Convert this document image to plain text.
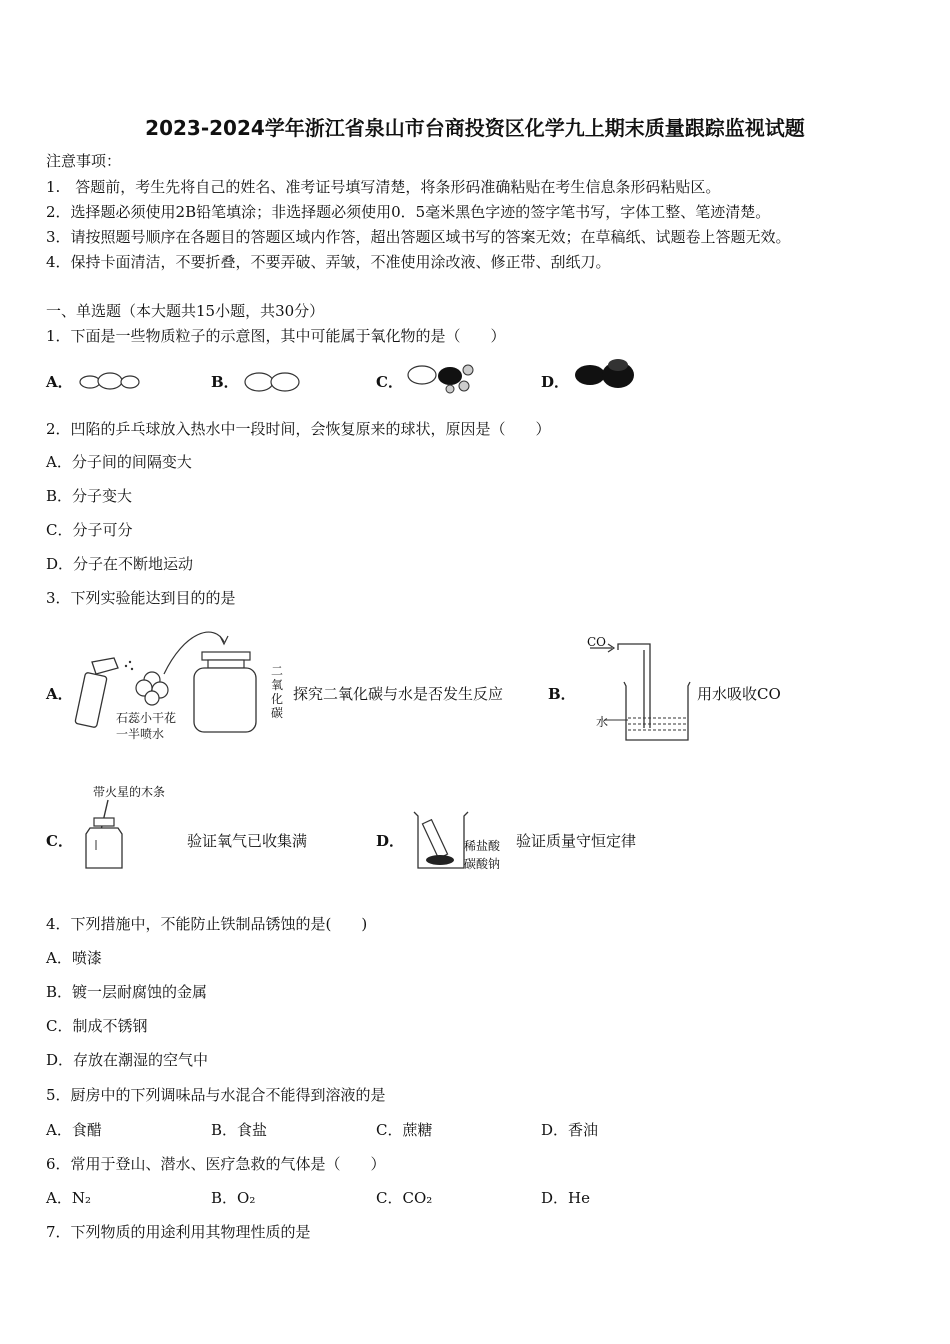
2023-2024学年浙江省泉山市台商投资区化学九上期末质量跟踪监视试题
注意事项：
1.　答题前，考生先将自己的姓名、准考证号填写清楚，将条形码准确粘贴在考生信息条形码粘贴区。
2．选择题必须使用2B铅笔填涂；非选择题必须使用0．5毫米黑色字迹的签字笔书写，字体工整、笔迹清楚。
3．请按照题号顺序在各题目的答题区域内作答，超出答题区域书写的答案无效；在草稿纸、试题卷上答题无效。
4．保持卡面清洁，不要折叠，不要弄破、弄皱，不准使用涂改液、修正带、刮纸刀。
一、单选题（本大题共15小题，共30分）
1．下面是一些物质粒子的示意图，其中可能属于氧化物的是（　　）
A．	B．	C．	D．
2．凹陷的乒乓球放入热水中一段时间，会恢复原来的球状，原因是（　　）
A．分子间的间隔变大
B．分子变大
C．分子可分
D．分子在不断地运动
3．下列实验能达到目的的是
A．
石蕊小干花
一半喷水
二氧化碳
探究二氧化碳与水是否发生反应	B．
CO
水
用水吸收CO
带火星的木条
C．	验证氧气已收集满	D．	稀盐酸
碳酸钠
验证质量守恒定律
4．下列措施中，不能防止铁制品锈蚀的是(　　)
A．喷漆
B．镀一层耐腐蚀的金属
C．制成不锈钢
D．存放在潮湿的空气中
5．厨房中的下列调味品与水混合不能得到溶液的是
A．食醋	B．食盐	C．蔗糖	D．香油
6．常用于登山、潜水、医疗急救的气体是（　　）
A．N₂	B．O₂	C．CO₂	D．He
7．下列物质的用途利用其物理性质的是
